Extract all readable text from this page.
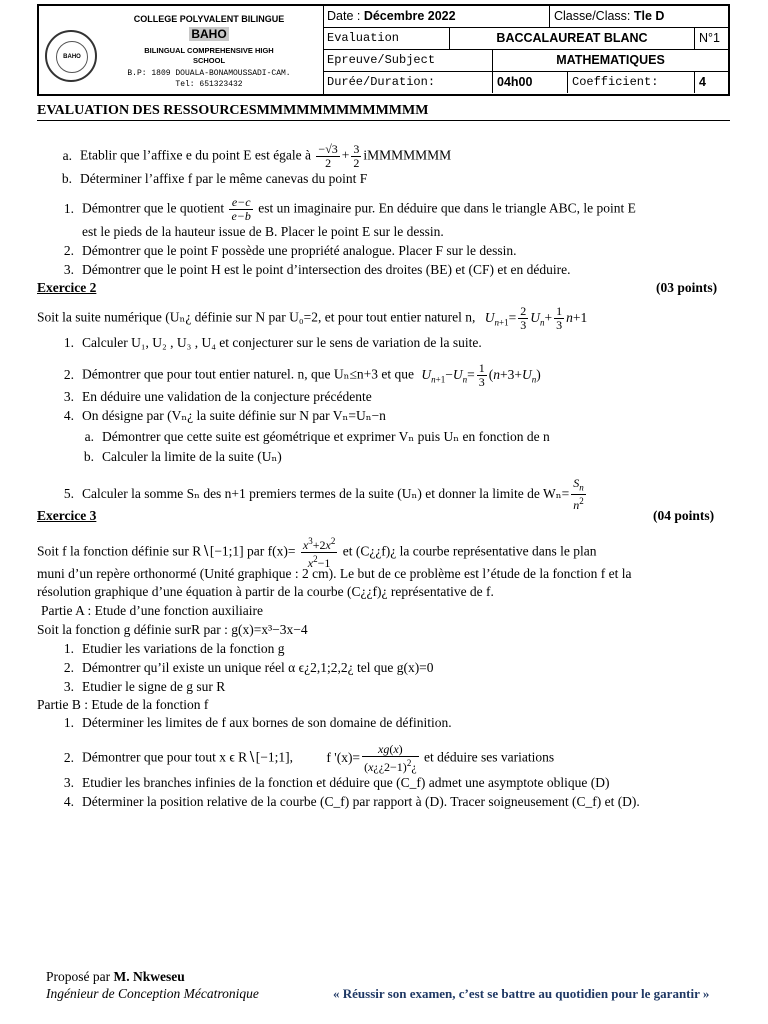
BAHO
COLLEGE POLYVALENT BILINGUE
BAHO
BILINGUAL COMPREHENSIVE HIGH
SCHOOL
B.P: 1809 DOUALA-BONAMOUSSADI-CAM.
Tel: 651323432
Date : Décembre 2022	Classe/Class: Tle D
Evaluation	BACCALAUREAT BLANC	N°1
Epreuve/Subject	MATHEMATIQUES
Durée/Duration:	04h00	Coefficient:	4
EVALUATION DES RESSOURCESMMMMMMMMMMMMM
a. Etablir que l’affixe e du point E est égale à $\frac{-√3}{2} + \frac{3}{2}$ iMMMMMMM
b. Déterminer l’affixe f par le même canevas du point F
1. Démontrer que le quotient $\frac{e-c}{e-b}$ est un imaginaire pur. En déduire que dans le triangle ABC, le point E
est le pieds de la hauteur issue de B. Placer le point E sur le dessin.
2. Démontrer que le point F possède une propriété analogue. Placer F sur le dessin.
3. Démontrer que le point H est le point d’intersection des droites (BE) et (CF) et en déduire.
Exercice 2	(03 points)
Soit la suite numérique (Uₙ¿ définie sur N par U₀=2, et pour tout entier naturel n, $U_{n+1}= \frac{2}{3} U_n+ \frac{1}{3} n+1$
1. Calculer U₁, U₂ , U₃ , U₄ et conjecturer sur le sens de variation de la suite.
2. Démontrer que pour tout entier naturel. n, que Uₙ≤n+3 et que $U_{n+1}-U_n= \frac{1}{3} (n+3+U_n)$
3. En déduire une validation de la conjecture précédente
4. On désigne par (Vₙ¿ la suite définie sur N par Vₙ=Uₙ−n
a. Démontrer que cette suite est géométrique et exprimer Vₙ puis Uₙ en fonction de n
b. Calculer la limite de la suite (Uₙ)
5. Calculer la somme Sₙ des n+1 premiers termes de la suite (Uₙ) et donner la limite de $W_n= \frac{S_n}{n^2}$
Exercice 3	(04 points)
Soit f la fonction définie sur R∖[−1;1] par $f(x)= \frac{x^3+2x^2}{x^2-1}$ et (C¿¿f)¿ la courbe représentative dans le plan
muni d’un repère orthonormé (Unité graphique : 2 cm). Le but de ce problème est l’étude de la fonction f et la
résolution graphique d’une équation à partir de la courbe (C¿¿f)¿ représentative de f.
Partie A : Etude d’une fonction auxiliaire
Soit la fonction g définie surR par : g(x)=x³−3x−4
1. Etudier les variations de la fonction g
2. Démontrer qu’il existe un unique réel α ϵ¿2,1;2,2¿ tel que g(x)=0
3. Etudier le signe de g sur R
Partie B : Etude de la fonction f
1. Déterminer les limites de f aux bornes de son domaine de définition.
2. Démontrer que pour tout x ϵ R∖[−1;1], f '$(x)= \frac{xg(x)}{(x¿¿2-1)^2¿}$ et déduire ses variations
3. Etudier les branches infinies de la fonction et déduire que (C_f) admet une asymptote oblique (D)
4. Déterminer la position relative de la courbe (C_f) par rapport à (D). Tracer soigneusement (C_f) et (D).
Proposé par M. Nkweseu
Ingénieur de Conception Mécatronique	« Réussir son examen, c’est se battre au quotidien pour le garantir »
